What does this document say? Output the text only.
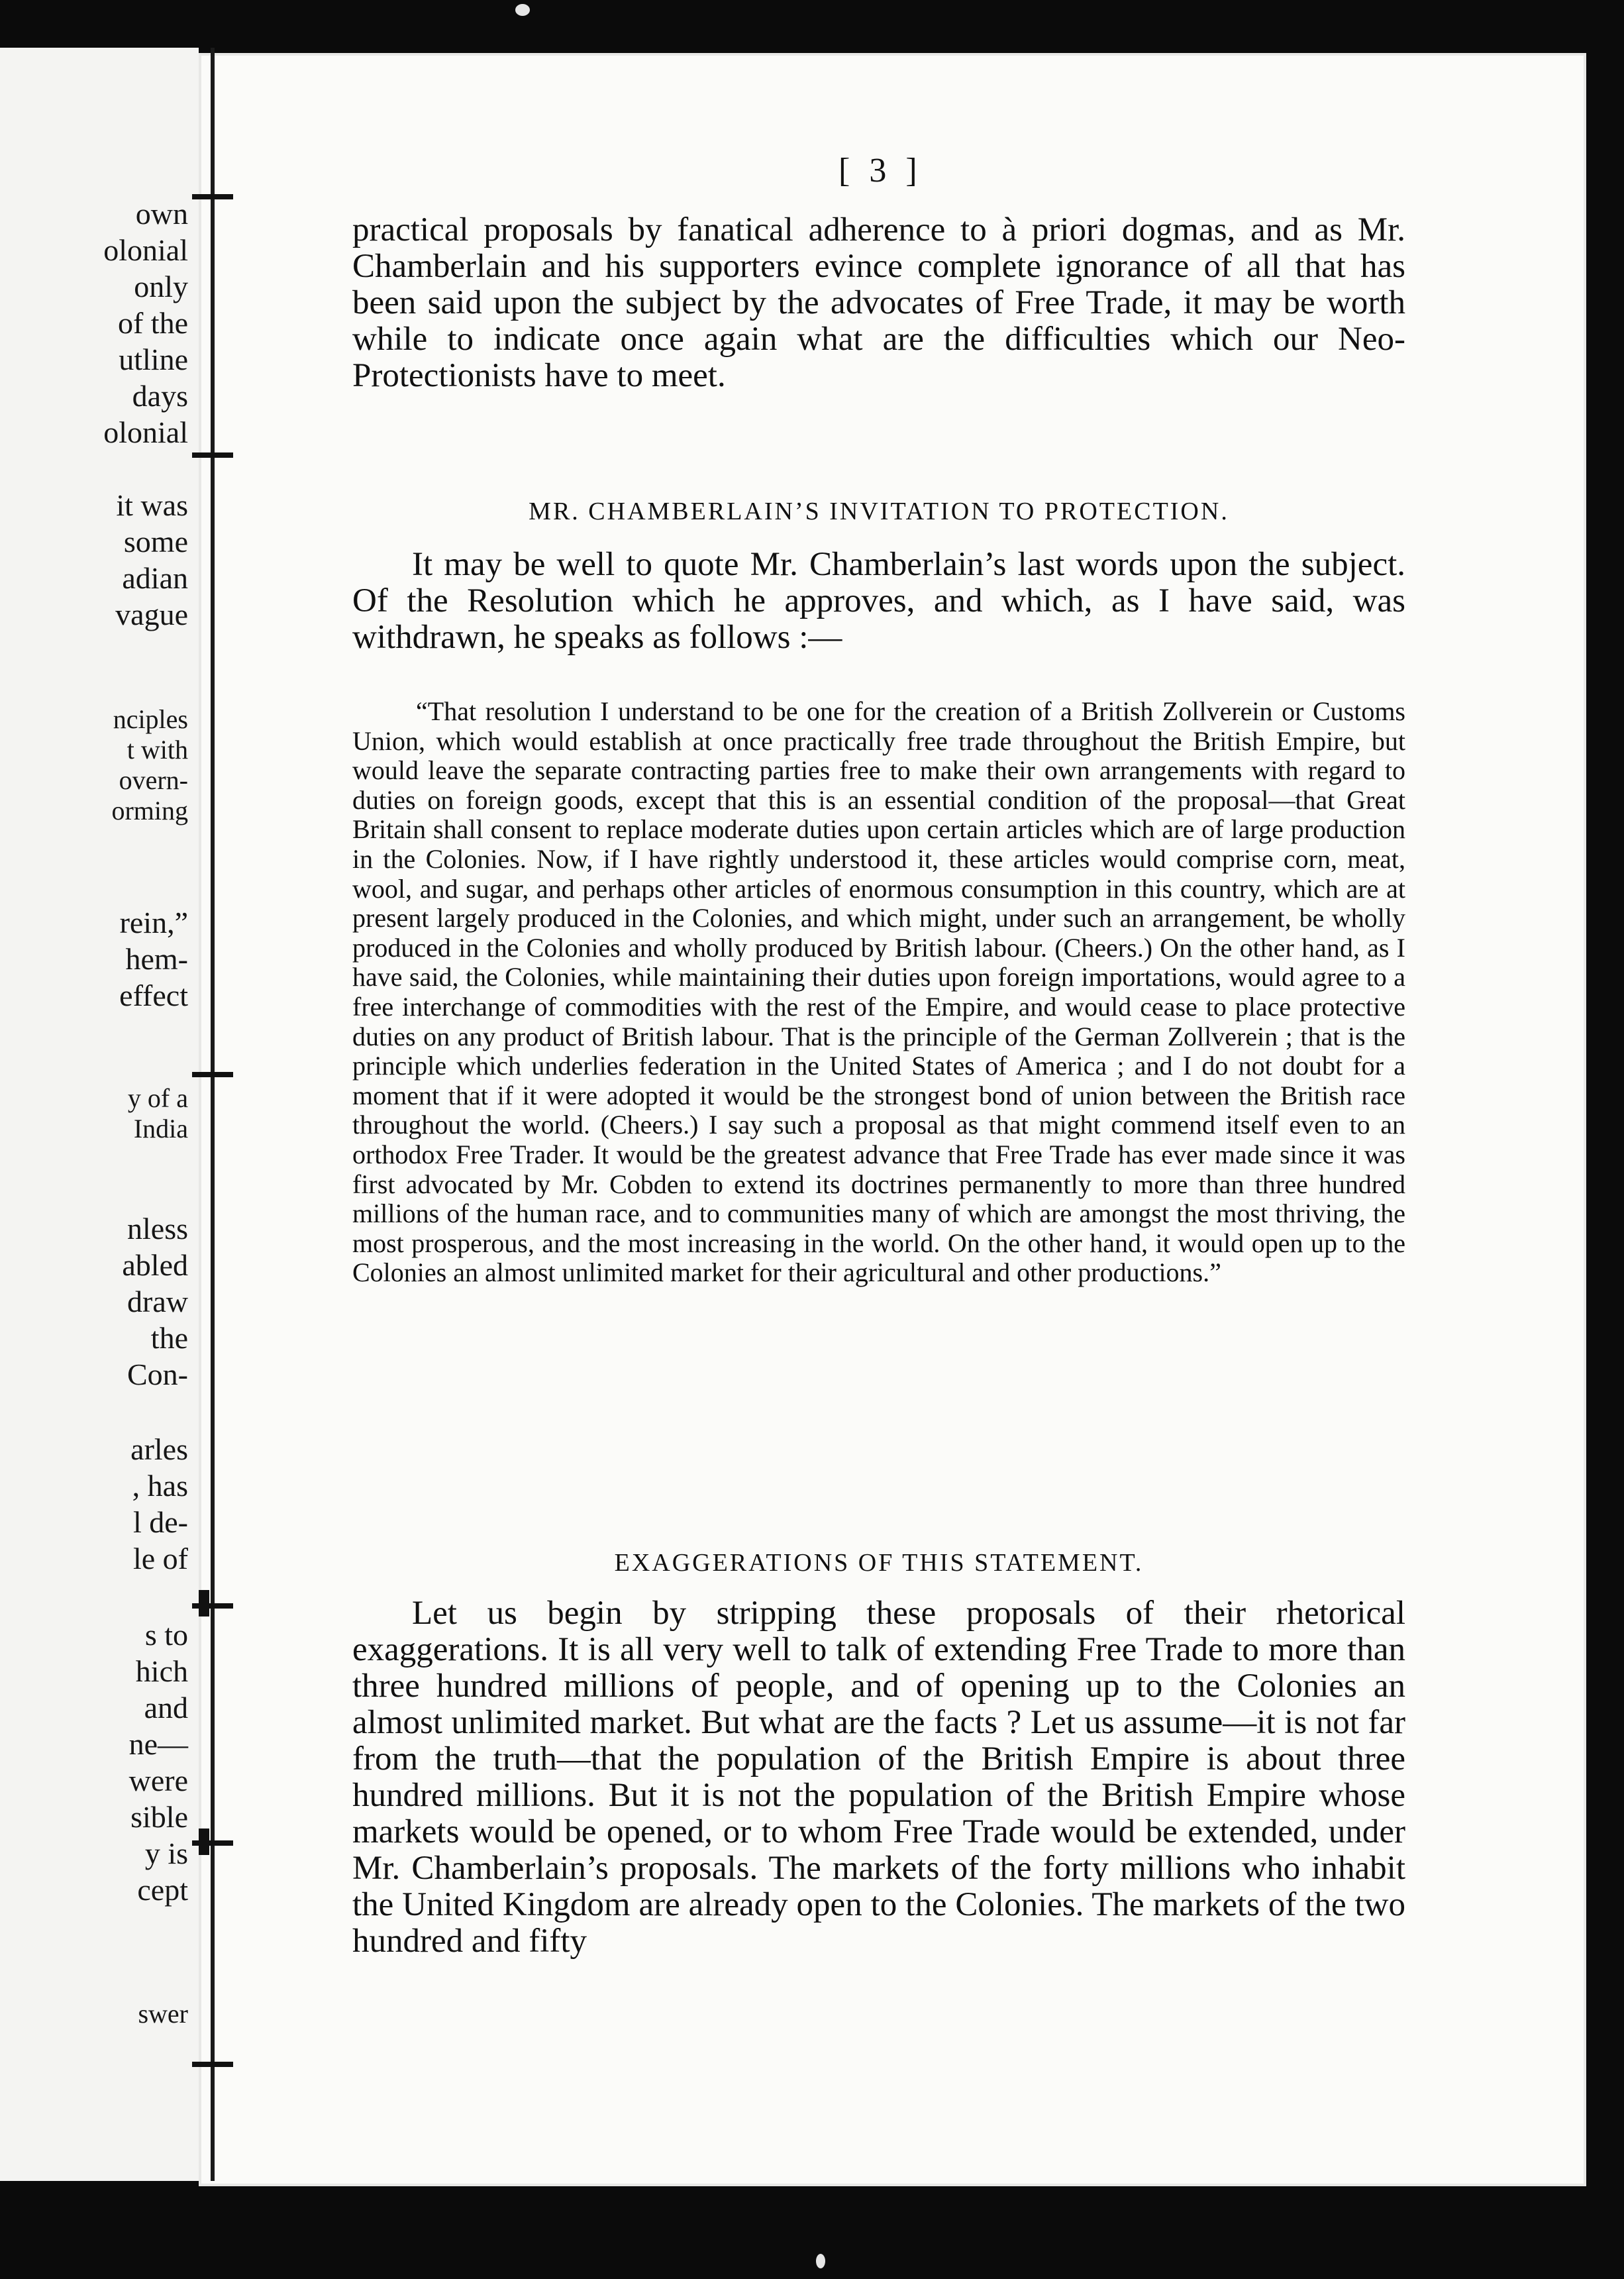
own
olonial
only
of the
utline
days
olonial
it was
some
adian
vague
nciples
t with
overn-
orming
rein,”
hem-
effect
y of a
India
nless
abled
draw
the
Con-
arles
, has
l de-
le of
s to
hich
and
ne—
were
sible
y is
cept
swer
[ 3 ]

practical proposals by fanatical adherence to à priori dogmas, and as Mr. Chamberlain and his supporters evince complete ignorance of all that has been said upon the subject by the advocates of Free Trade, it may be worth while to indicate once again what are the difficulties which our Neo-Protectionists have to meet.

MR. CHAMBERLAIN’S INVITATION TO PROTECTION.

It may be well to quote Mr. Chamberlain’s last words upon the subject. Of the Resolution which he approves, and which, as I have said, was withdrawn, he speaks as follows :—

“That resolution I understand to be one for the creation of a British Zollverein or Customs Union, which would establish at once practically free trade throughout the British Empire, but would leave the separate contracting parties free to make their own arrangements with regard to duties on foreign goods, except that this is an essential condition of the proposal—that Great Britain shall consent to replace moderate duties upon certain articles which are of large production in the Colonies. Now, if I have rightly understood it, these articles would comprise corn, meat, wool, and sugar, and perhaps other articles of enormous consumption in this country, which are at present largely produced in the Colonies, and which might, under such an arrangement, be wholly produced in the Colonies and wholly produced by British labour. (Cheers.) On the other hand, as I have said, the Colonies, while maintaining their duties upon foreign importations, would agree to a free interchange of commodities with the rest of the Empire, and would cease to place protective duties on any product of British labour. That is the principle of the German Zollverein ; that is the principle which underlies federation in the United States of America ; and I do not doubt for a moment that if it were adopted it would be the strongest bond of union between the British race throughout the world. (Cheers.) I say such a proposal as that might commend itself even to an orthodox Free Trader. It would be the greatest advance that Free Trade has ever made since it was first advocated by Mr. Cobden to extend its doctrines permanently to more than three hundred millions of the human race, and to communities many of which are amongst the most thriving, the most prosperous, and the most increasing in the world. On the other hand, it would open up to the Colonies an almost unlimited market for their agricultural and other productions.”

EXAGGERATIONS OF THIS STATEMENT.

Let us begin by stripping these proposals of their rhetorical exaggerations. It is all very well to talk of extending Free Trade to more than three hundred millions of people, and of opening up to the Colonies an almost unlimited market. But what are the facts ? Let us assume—it is not far from the truth—that the population of the British Empire is about three hundred millions. But it is not the population of the British Empire whose markets would be opened, or to whom Free Trade would be extended, under Mr. Chamberlain’s proposals. The markets of the forty millions who inhabit the United Kingdom are already open to the Colonies. The markets of the two hundred and fifty
